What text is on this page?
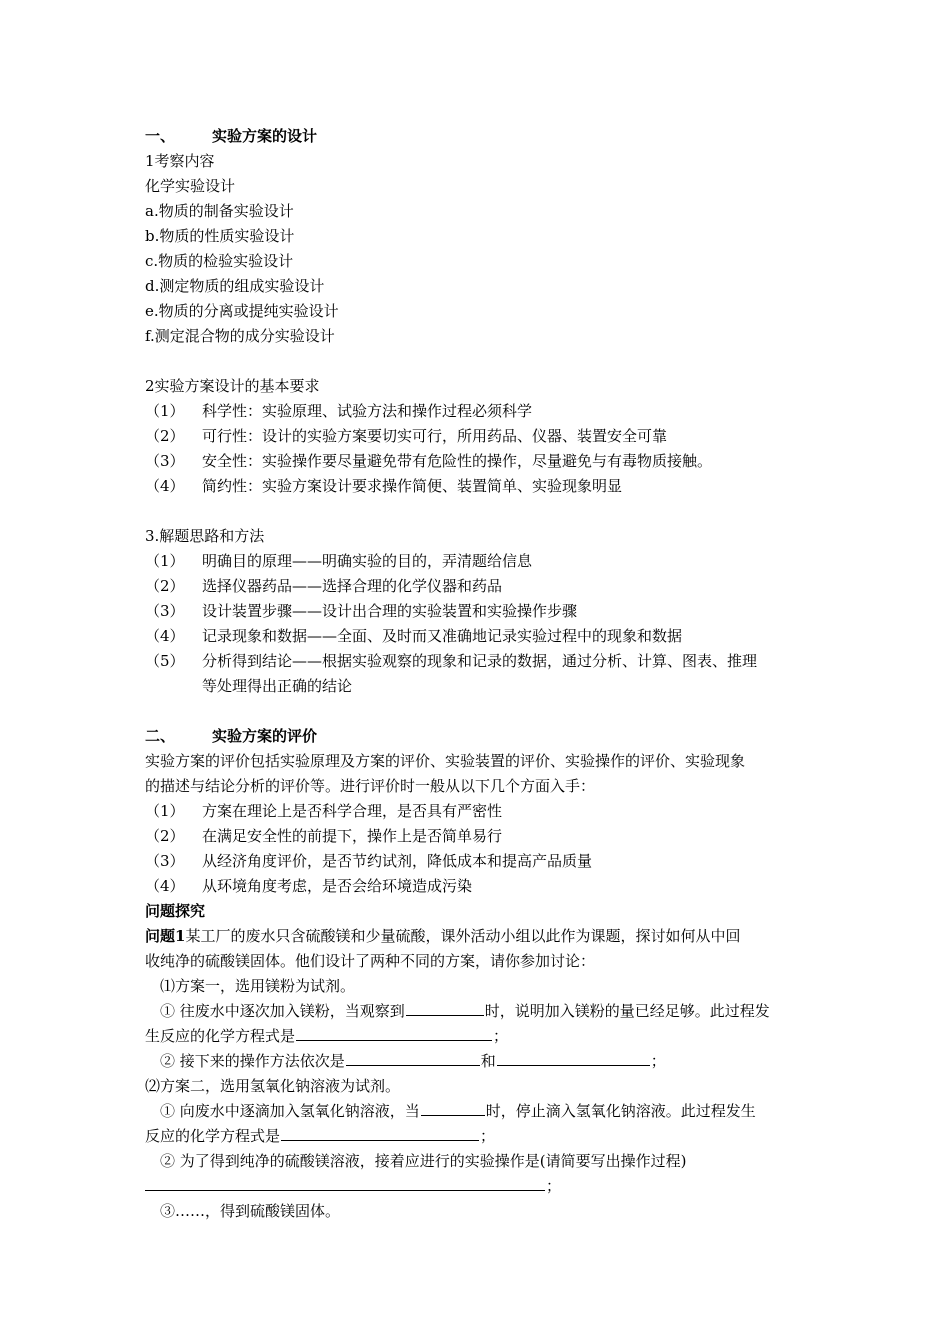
一、 实验方案的设计
1考察内容
化学实验设计
a.物质的制备实验设计
b.物质的性质实验设计
c.物质的检验实验设计
d.测定物质的组成实验设计
e.物质的分离或提纯实验设计
f.测定混合物的成分实验设计
2实验方案设计的基本要求
（1） 科学性：实验原理、试验方法和操作过程必须科学
（2） 可行性：设计的实验方案要切实可行，所用药品、仪器、装置安全可靠
（3） 安全性：实验操作要尽量避免带有危险性的操作，尽量避免与有毒物质接触。
（4） 简约性：实验方案设计要求操作简便、装置简单、实验现象明显
3.解题思路和方法
（1） 明确目的原理——明确实验的目的，弄清题给信息
（2） 选择仪器药品——选择合理的化学仪器和药品
（3） 设计装置步骤——设计出合理的实验装置和实验操作步骤
（4） 记录现象和数据——全面、及时而又准确地记录实验过程中的现象和数据
（5） 分析得到结论——根据实验观察的现象和记录的数据，通过分析、计算、图表、推理
等处理得出正确的结论
二、 实验方案的评价
实验方案的评价包括实验原理及方案的评价、实验装置的评价、实验操作的评价、实验现象
的描述与结论分析的评价等。进行评价时一般从以下几个方面入手：
（1） 方案在理论上是否科学合理，是否具有严密性
（2） 在满足安全性的前提下，操作上是否简单易行
（3） 从经济角度评价，是否节约试剂，降低成本和提高产品质量
（4） 从环境角度考虑，是否会给环境造成污染
问题探究
问题1某工厂的废水只含硫酸镁和少量硫酸，课外活动小组以此作为课题，探讨如何从中回
收纯净的硫酸镁固体。他们设计了两种不同的方案，请你参加讨论：
⑴方案一，选用镁粉为试剂。
① 往废水中逐次加入镁粉，当观察到	时，说明加入镁粉的量已经足够。此过程发
生反应的化学方程式是	；
② 接下来的操作方法依次是	和	；
⑵方案二，选用氢氧化钠溶液为试剂。
① 向废水中逐滴加入氢氧化钠溶液，当	时，停止滴入氢氧化钠溶液。此过程发生
反应的化学方程式是	；
② 为了得到纯净的硫酸镁溶液，接着应进行的实验操作是(请简要写出操作过程)
；
③……，得到硫酸镁固体。
